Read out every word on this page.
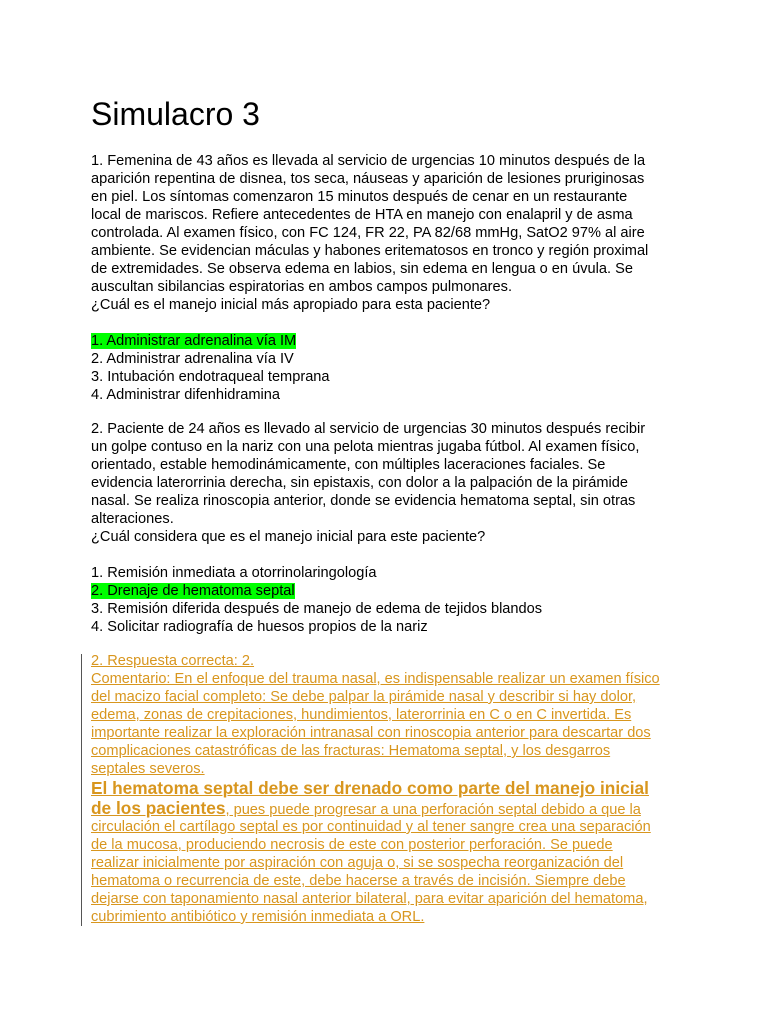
Simulacro 3
1. Femenina de 43 años es llevada al servicio de urgencias 10 minutos después de la
aparición repentina de disnea, tos seca, náuseas y aparición de lesiones pruriginosas
en piel. Los síntomas comenzaron 15 minutos después de cenar en un restaurante
local de mariscos. Refiere antecedentes de HTA en manejo con enalapril y de asma
controlada. Al examen físico, con FC 124, FR 22, PA 82/68 mmHg, SatO2 97% al aire
ambiente. Se evidencian máculas y habones eritematosos en tronco y región proximal
de extremidades. Se observa edema en labios, sin edema en lengua o en úvula. Se
auscultan sibilancias espiratorias en ambos campos pulmonares.
¿Cuál es el manejo inicial más apropiado para esta paciente?
1. Administrar adrenalina vía IM
2. Administrar adrenalina vía IV
3. Intubación endotraqueal temprana
4. Administrar difenhidramina
2. Paciente de 24 años es llevado al servicio de urgencias 30 minutos después recibir
un golpe contuso en la nariz con una pelota mientras jugaba fútbol. Al examen físico,
orientado, estable hemodinámicamente, con múltiples laceraciones faciales. Se
evidencia laterorrinia derecha, sin epistaxis, con dolor a la palpación de la pirámide
nasal. Se realiza rinoscopia anterior, donde se evidencia hematoma septal, sin otras
alteraciones.
¿Cuál considera que es el manejo inicial para este paciente?
1. Remisión inmediata a otorrinolaringología
2. Drenaje de hematoma septal
3. Remisión diferida después de manejo de edema de tejidos blandos
4. Solicitar radiografía de huesos propios de la nariz
2. Respuesta correcta: 2.
Comentario: En el enfoque del trauma nasal, es indispensable realizar un examen físico
del macizo facial completo: Se debe palpar la pirámide nasal y describir si hay dolor,
edema, zonas de crepitaciones, hundimientos, laterorrinia en C o en C invertida. Es
importante realizar la exploración intranasal con rinoscopia anterior para descartar dos
complicaciones catastróficas de las fracturas: Hematoma septal, y los desgarros
septales severos.
El hematoma septal debe ser drenado como parte del manejo inicial
de los pacientes, pues puede progresar a una perforación septal debido a que la
circulación el cartílago septal es por continuidad y al tener sangre crea una separación
de la mucosa, produciendo necrosis de este con posterior perforación. Se puede
realizar inicialmente por aspiración con aguja o, si se sospecha reorganización del
hematoma o recurrencia de este, debe hacerse a través de incisión. Siempre debe
dejarse con taponamiento nasal anterior bilateral, para evitar aparición del hematoma,
cubrimiento antibiótico y remisión inmediata a ORL.
